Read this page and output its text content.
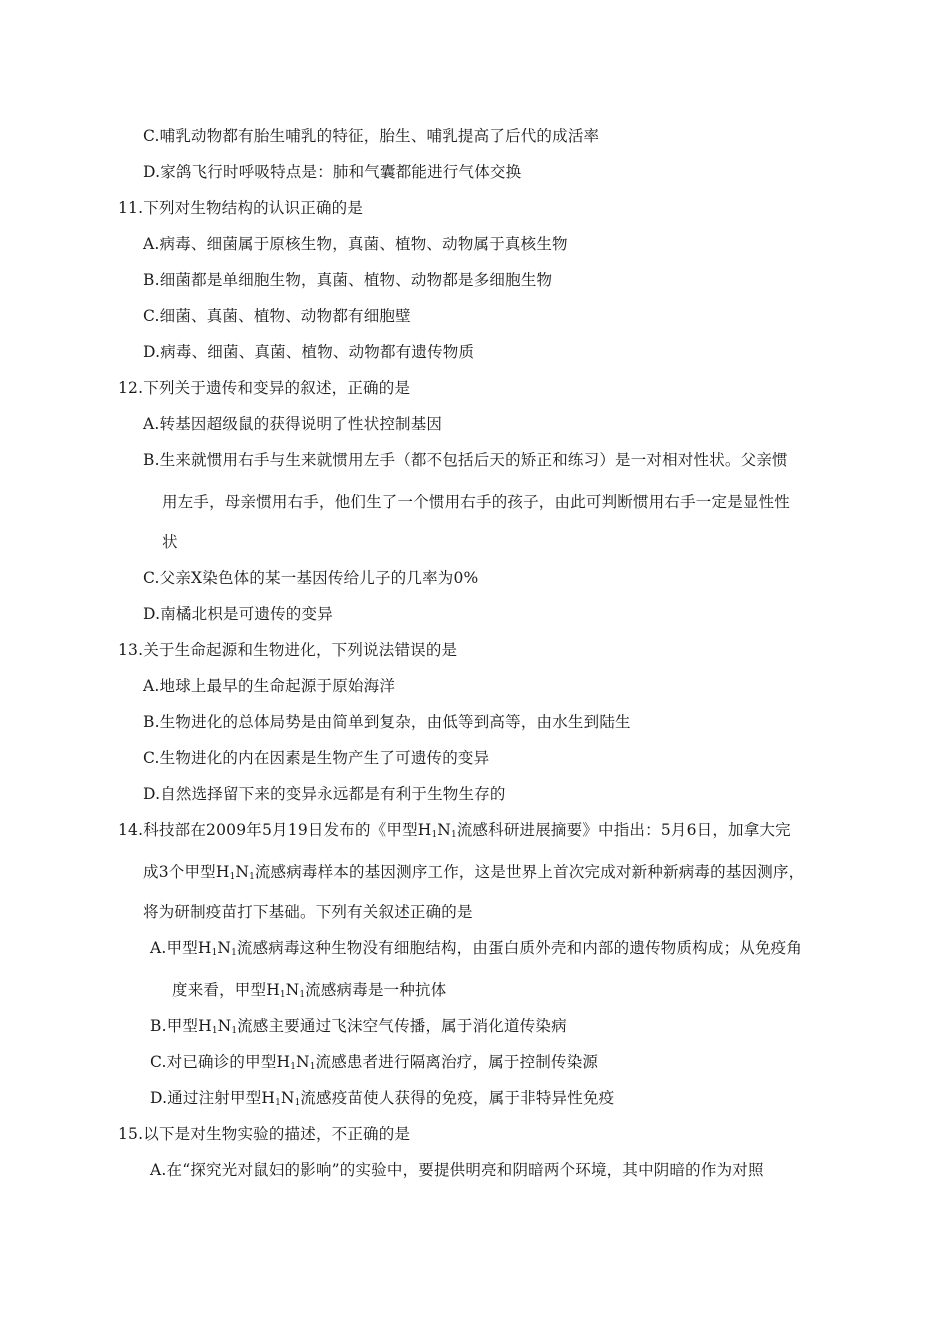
C.哺乳动物都有胎生哺乳的特征，胎生、哺乳提高了后代的成活率
D.家鸽飞行时呼吸特点是：肺和气囊都能进行气体交换
11.下列对生物结构的认识正确的是
A.病毒、细菌属于原核生物，真菌、植物、动物属于真核生物
B.细菌都是单细胞生物，真菌、植物、动物都是多细胞生物
C.细菌、真菌、植物、动物都有细胞壁
D.病毒、细菌、真菌、植物、动物都有遗传物质
12.下列关于遗传和变异的叙述，正确的是
A.转基因超级鼠的获得说明了性状控制基因
B.生来就惯用右手与生来就惯用左手（都不包括后天的矫正和练习）是一对相对性状。父亲惯
用左手，母亲惯用右手，他们生了一个惯用右手的孩子，由此可判断惯用右手一定是显性性
状
C.父亲X染色体的某一基因传给儿子的几率为0%
D.南橘北枳是可遗传的变异
13.关于生命起源和生物进化，下列说法错误的是
A.地球上最早的生命起源于原始海洋
B.生物进化的总体局势是由简单到复杂，由低等到高等，由水生到陆生
C.生物进化的内在因素是生物产生了可遗传的变异
D.自然选择留下来的变异永远都是有利于生物生存的
14.科技部在2009年5月19日发布的《甲型$H_1N_1$流感科研进展摘要》中指出：5月6日，加拿大完
成3个甲型$H_1N_1$流感病毒样本的基因测序工作，这是世界上首次完成对新种新病毒的基因测序，
将为研制疫苗打下基础。下列有关叙述正确的是
A.甲型$H_1N_1$流感病毒这种生物没有细胞结构，由蛋白质外壳和内部的遗传物质构成；从免疫角
度来看，甲型$H_1N_1$流感病毒是一种抗体
B.甲型$H_1N_1$流感主要通过飞沫空气传播，属于消化道传染病
C.对已确诊的甲型$H_1N_1$流感患者进行隔离治疗，属于控制传染源
D.通过注射甲型$H_1N_1$流感疫苗使人获得的免疫，属于非特异性免疫
15.以下是对生物实验的描述，不正确的是
A.在“探究光对鼠妇的影响”的实验中，要提供明亮和阴暗两个环境，其中阴暗的作为对照
